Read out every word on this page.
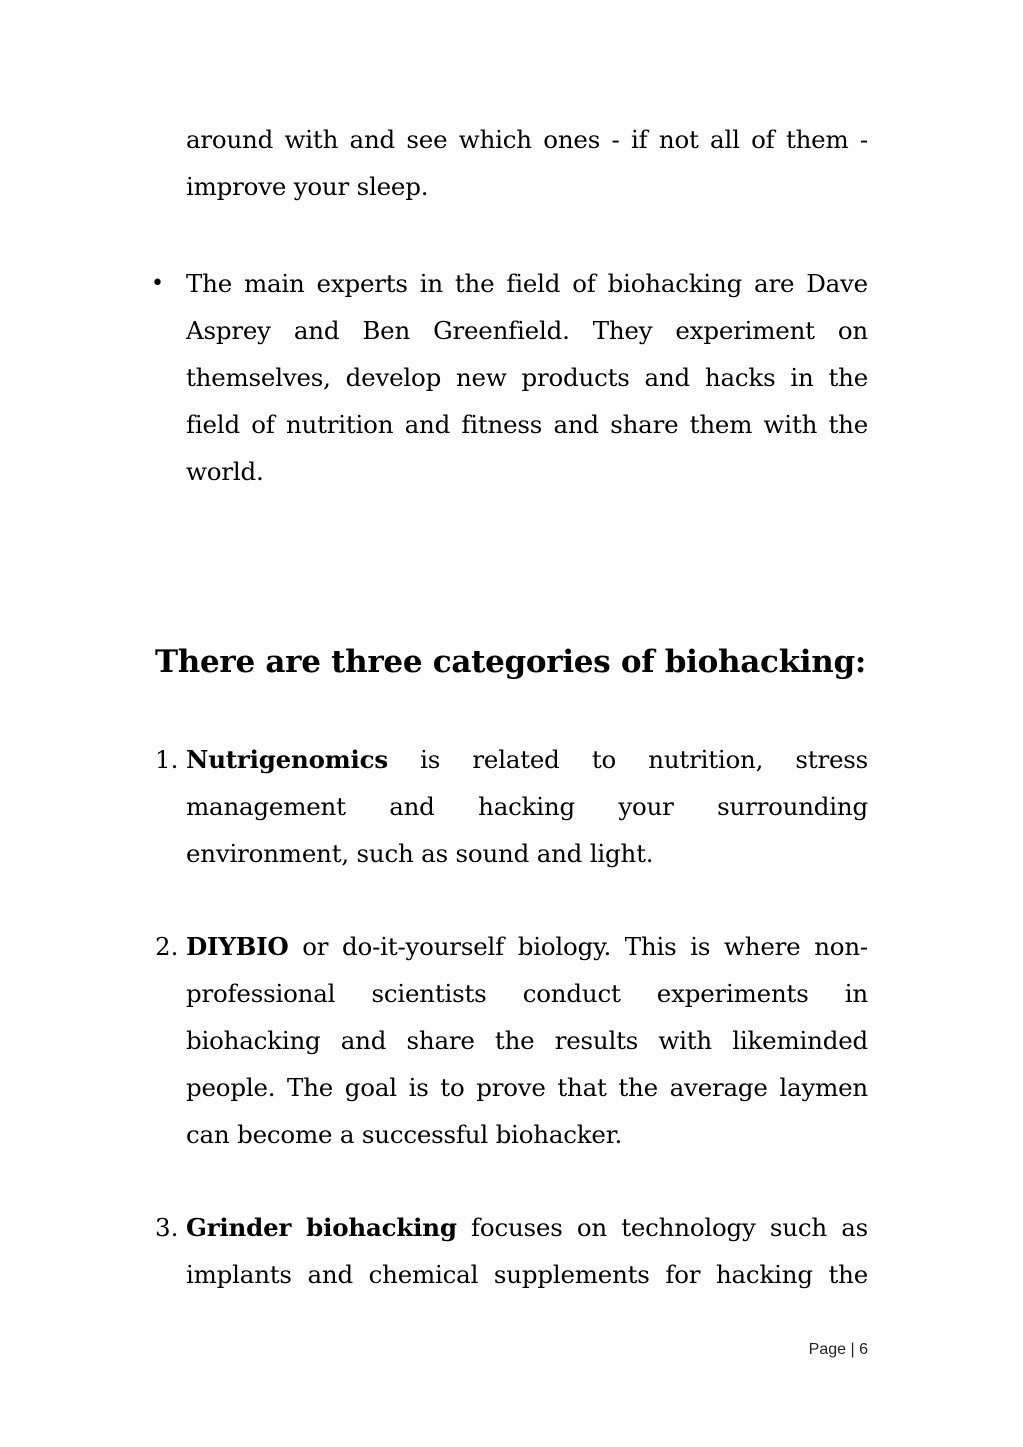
around with and see which ones - if not all of them - improve your sleep.
• The main experts in the field of biohacking are Dave Asprey and Ben Greenfield. They experiment on themselves, develop new products and hacks in the field of nutrition and fitness and share them with the world.
There are three categories of biohacking:
1. Nutrigenomics is related to nutrition, stress management and hacking your surrounding environment, such as sound and light.
2. DIYBIO or do-it-yourself biology. This is where non-professional scientists conduct experiments in biohacking and share the results with likeminded people. The goal is to prove that the average laymen can become a successful biohacker.
3. Grinder biohacking focuses on technology such as implants and chemical supplements for hacking the
Page | 6
